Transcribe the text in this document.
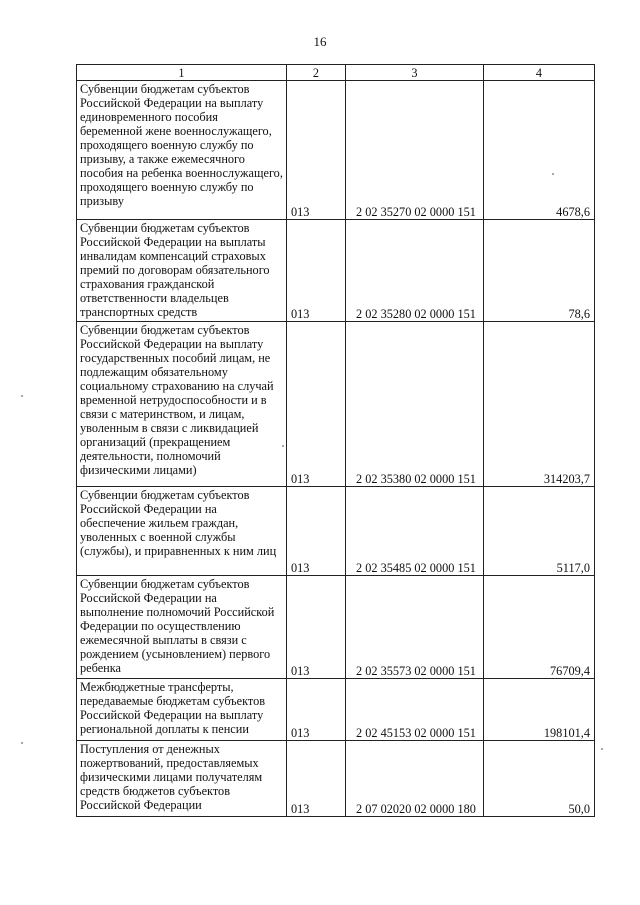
16
1	2	3	4
Субвенции бюджетам субъектов Российской Федерации на выплату единовременного пособия беременной жене военнослужащего, проходящего военную службу по призыву, а также ежемесячного пособия на ребенка военнослужащего, проходящего военную службу по призыву	013	2 02 35270 02 0000 151	4678,6
Субвенции бюджетам субъектов Российской Федерации на выплаты инвалидам компенсаций страховых премий по договорам обязательного страхования гражданской ответственности владельцев транспортных средств	013	2 02 35280 02 0000 151	78,6
Субвенции бюджетам субъектов Российской Федерации на выплату государственных пособий лицам, не подлежащим обязательному социальному страхованию на случай временной нетрудоспособности и в связи с материнством, и лицам, уволенным в связи с ликвидацией организаций (прекращением деятельности, полномочий физическими лицами)	013	2 02 35380 02 0000 151	314203,7
Субвенции бюджетам субъектов Российской Федерации на обеспечение жильем граждан, уволенных с военной службы (службы), и приравненных к ним лиц	013	2 02 35485 02 0000 151	5117,0
Субвенции бюджетам субъектов Российской Федерации на выполнение полномочий Российской Федерации по осуществлению ежемесячной выплаты в связи с рождением (усыновлением) первого ребенка	013	2 02 35573 02 0000 151	76709,4
Межбюджетные трансферты, передаваемые бюджетам субъектов Российской Федерации на выплату региональной доплаты к пенсии	013	2 02 45153 02 0000 151	198101,4
Поступления от денежных пожертвований, предоставляемых физическими лицами получателям средств бюджетов субъектов Российской Федерации	013	2 07 02020 02 0000 180	50,0
